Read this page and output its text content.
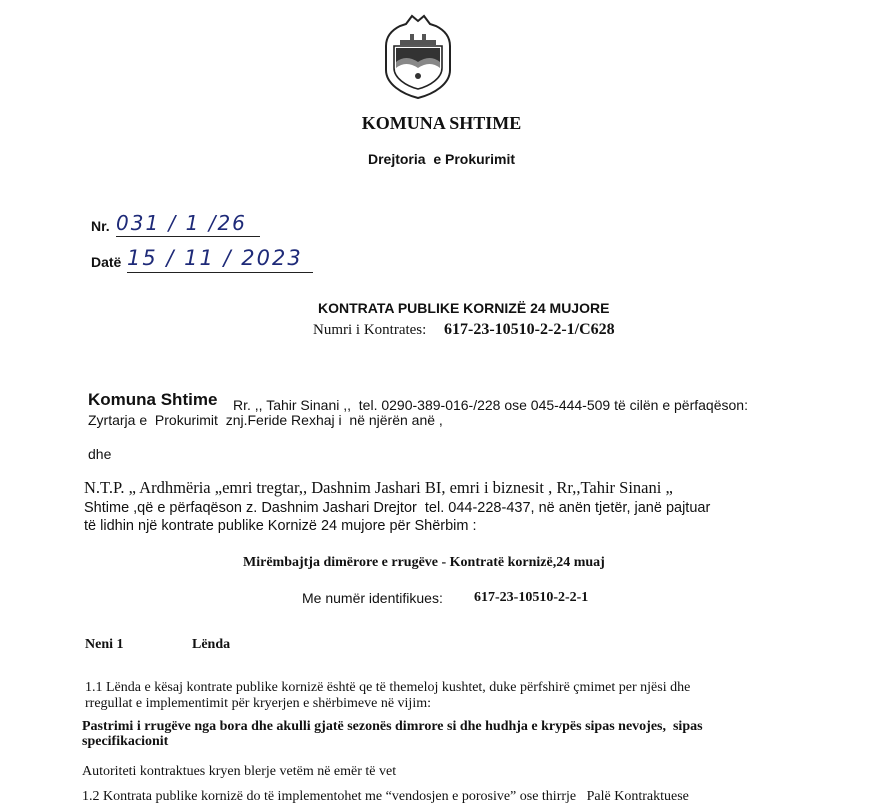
KOMUNA SHTIME
Drejtoria  e Prokurimit
Nr. 031 / 1 /26
Datë 15 / 11 / 2023
KONTRATA PUBLIKE KORNIZË 24 MUJORE
Numri i Kontrates: 617-23-10510-2-2-1/C628
Komuna Shtime Rr. ,, Tahir Sinani ,,  tel. 0290-389-016-/228 ose 045-444-509 të cilën e përfaqëson:
Zyrtarja e  Prokurimit  znj.Feride Rexhaj i  në njërën anë ,
dhe
N.T.P. „ Ardhmëria „emri tregtar,, Dashnim Jashari BI, emri i biznesit , Rr,,Tahir Sinani „
Shtime ,që e përfaqëson z. Dashnim Jashari Drejtor  tel. 044-228-437, në anën tjetër, janë pajtuar
të lidhin një kontrate publike Kornizë 24 mujore për Shërbim :
Mirëmbajtja dimërore e rrugëve - Kontratë kornizë,24 muaj
Me numër identifikues: 617-23-10510-2-2-1
Neni 1	Lënda
1.1 Lënda e kësaj kontrate publike kornizë është qe të themeloj kushtet, duke përfshirë çmimet per njësi dhe
rregullat e implementimit për kryerjen e shërbimeve në vijim:
Pastrimi i rrugëve nga bora dhe akulli gjatë sezonës dimrore si dhe hudhja e krypës sipas nevojes,  sipas
specifikacionit
Autoriteti kontraktues kryen blerje vetëm në emër të vet
1.2 Kontrata publike kornizë do të implementohet me “vendosjen e porosive” ose thirrje   Palë Kontraktuese
